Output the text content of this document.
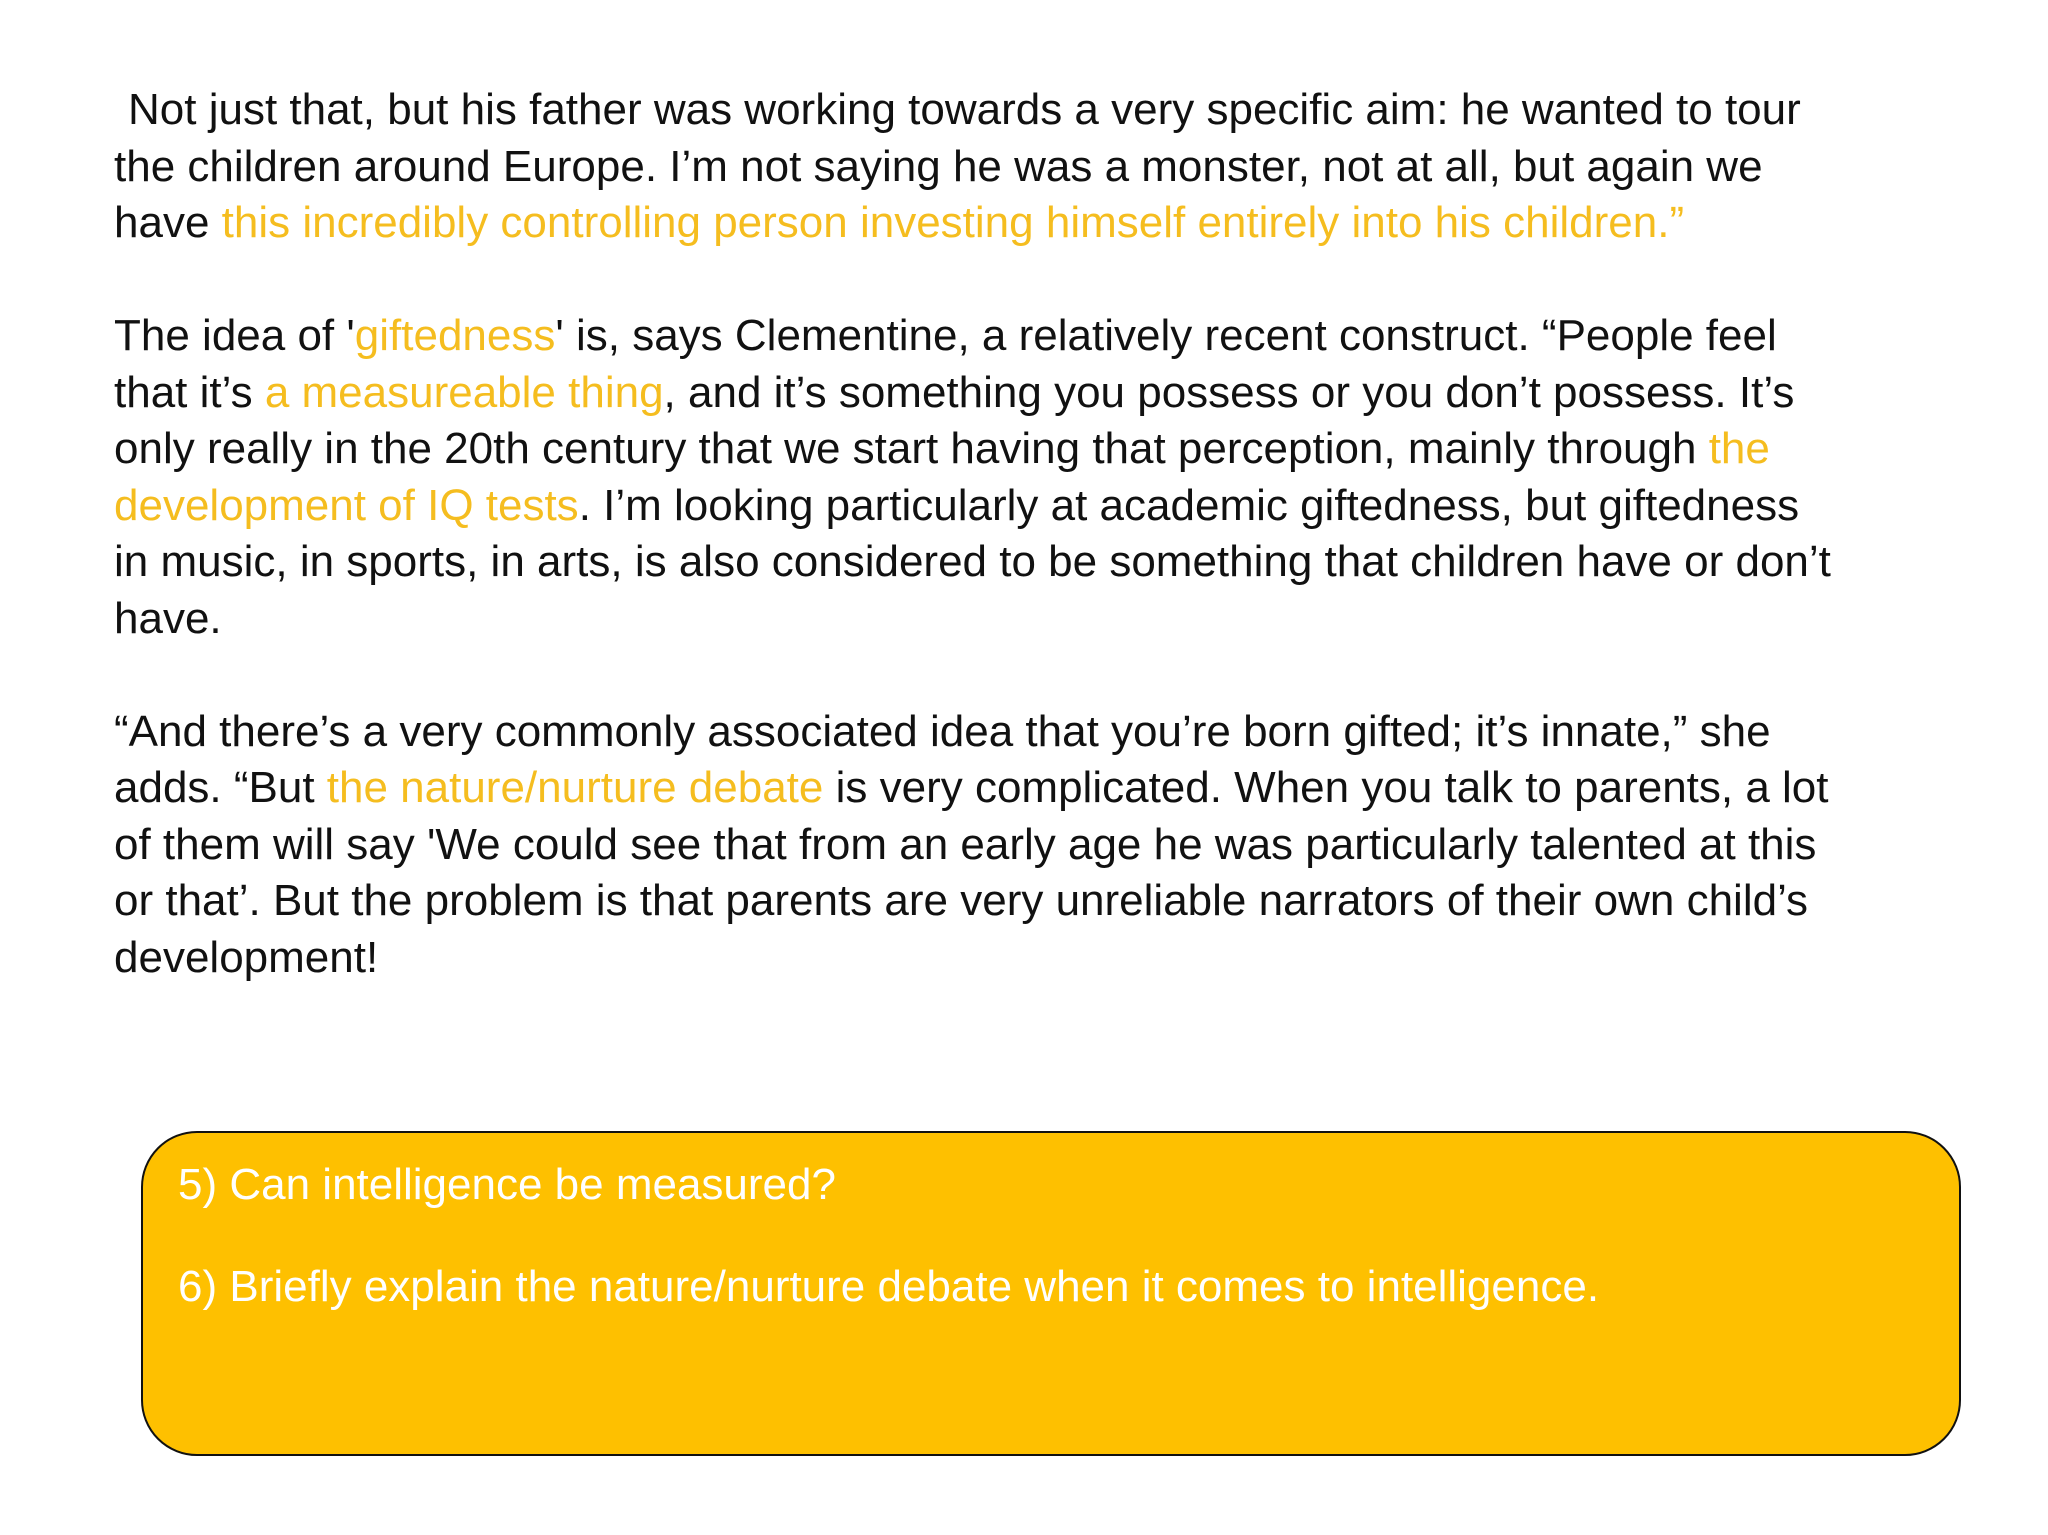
Not just that, but his father was working towards a very specific aim: he wanted to tour the children around Europe. I’m not saying he was a monster, not at all, but again we have this incredibly controlling person investing himself entirely into his children.”

The idea of 'giftedness' is, says Clementine, a relatively recent construct. “People feel that it’s a measureable thing, and it’s something you possess or you don’t possess. It’s only really in the 20th century that we start having that perception, mainly through the development of IQ tests. I’m looking particularly at academic giftedness, but giftedness in music, in sports, in arts, is also considered to be something that children have or don’t have.

“And there’s a very commonly associated idea that you’re born gifted; it’s innate,” she adds. “But the nature/nurture debate is very complicated. When you talk to parents, a lot of them will say 'We could see that from an early age he was particularly talented at this or that’. But the problem is that parents are very unreliable narrators of their own child’s development!

5) Can intelligence be measured?
6) Briefly explain the nature/nurture debate when it comes to intelligence.
